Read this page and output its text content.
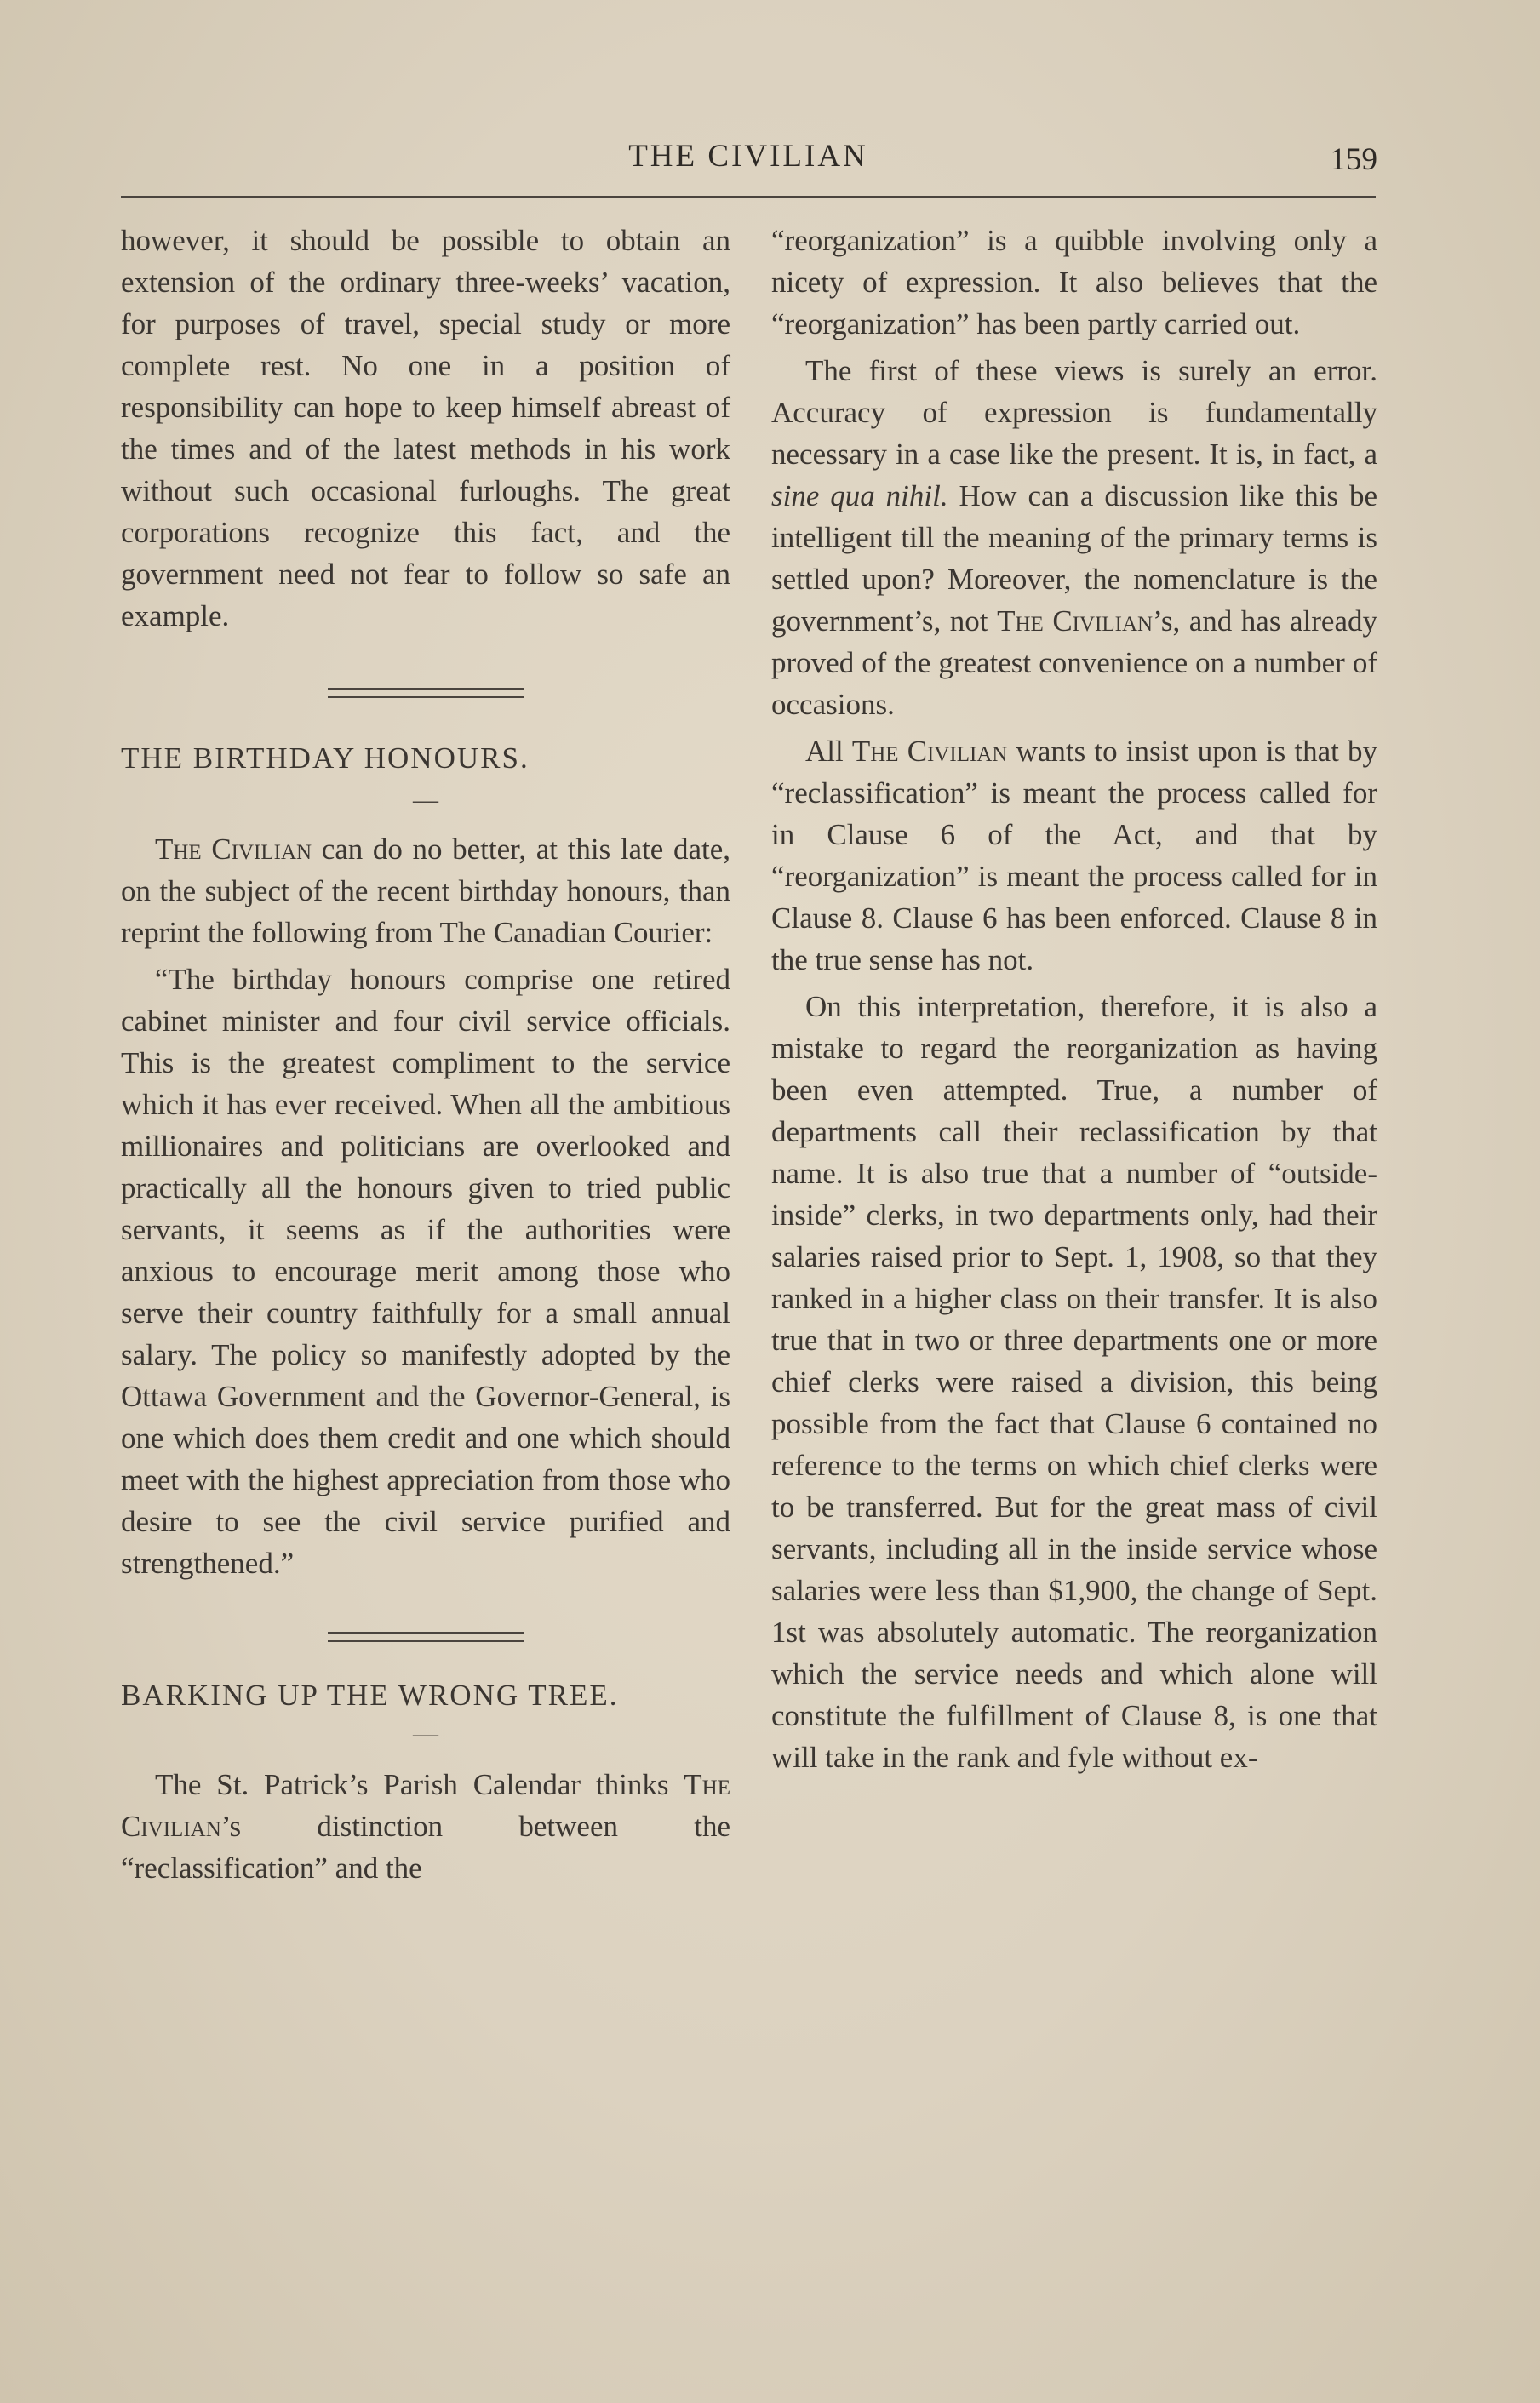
THE CIVILIAN	159

however, it should be possible to obtain an extension of the ordinary three-weeks’ vacation, for purposes of travel, special study or more complete rest. No one in a position of responsibility can hope to keep himself abreast of the times and of the latest methods in his work without such occasional furloughs. The great corporations recognize this fact, and the government need not fear to follow so safe an example.

THE BIRTHDAY HONOURS.

—

The Civilian can do no better, at this late date, on the subject of the recent birthday honours, than reprint the following from The Canadian Courier:

“The birthday honours comprise one retired cabinet minister and four civil service officials. This is the greatest compliment to the service which it has ever received. When all the ambitious millionaires and politicians are overlooked and practically all the honours given to tried public servants, it seems as if the authorities were anxious to encourage merit among those who serve their country faithfully for a small annual salary. The policy so manifestly adopted by the Ottawa Government and the Governor-General, is one which does them credit and one which should meet with the highest appreciation from those who desire to see the civil service purified and strengthened.”

BARKING UP THE WRONG TREE.

—

The St. Patrick’s Parish Calendar thinks The Civilian’s distinction between the “reclassification” and the

“reorganization” is a quibble involving only a nicety of expression. It also believes that the “reorganization” has been partly carried out.

The first of these views is surely an error. Accuracy of expression is fundamentally necessary in a case like the present. It is, in fact, a sine qua nihil. How can a discussion like this be intelligent till the meaning of the primary terms is settled upon? Moreover, the nomenclature is the government’s, not The Civilian’s, and has already proved of the greatest convenience on a number of occasions.

All The Civilian wants to insist upon is that by “reclassification” is meant the process called for in Clause 6 of the Act, and that by “reorganization” is meant the process called for in Clause 8. Clause 6 has been enforced. Clause 8 in the true sense has not.

On this interpretation, therefore, it is also a mistake to regard the reorganization as having been even attempted. True, a number of departments call their reclassification by that name. It is also true that a number of “outside-inside” clerks, in two departments only, had their salaries raised prior to Sept. 1, 1908, so that they ranked in a higher class on their transfer. It is also true that in two or three departments one or more chief clerks were raised a division, this being possible from the fact that Clause 6 contained no reference to the terms on which chief clerks were to be transferred. But for the great mass of civil servants, including all in the inside service whose salaries were less than $1,900, the change of Sept. 1st was absolutely automatic. The reorganization which the service needs and which alone will constitute the fulfillment of Clause 8, is one that will take in the rank and fyle without ex-
